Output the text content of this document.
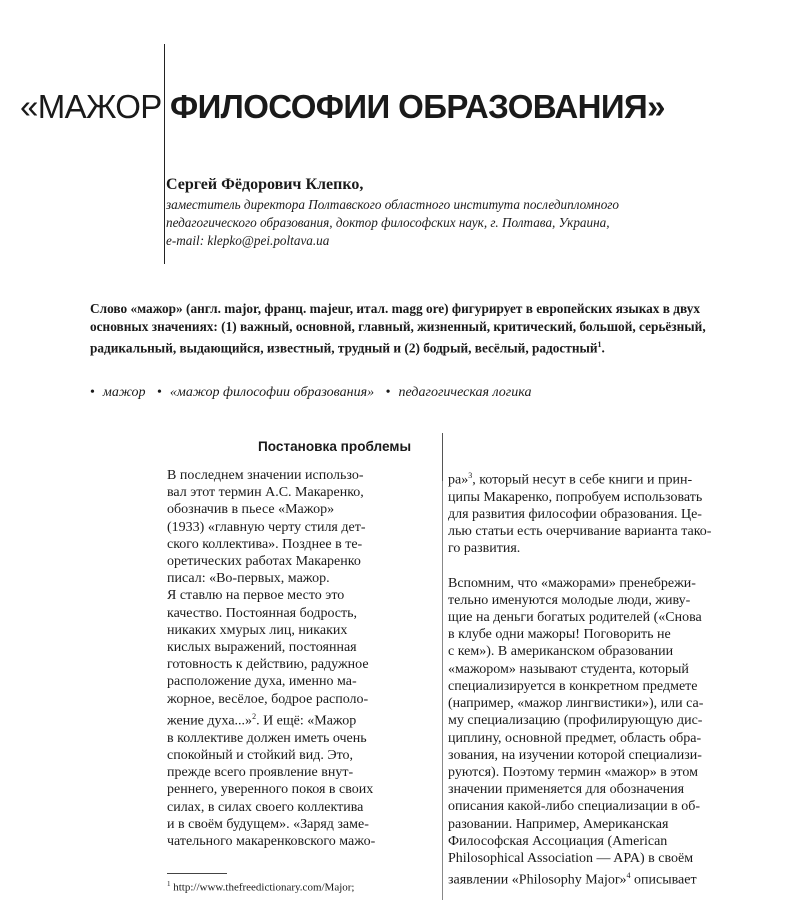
«МАЖОР ФИЛОСОФИИ ОБРАЗОВАНИЯ»
Сергей Фёдорович Клепко,

заместитель директора Полтавского областного института последипломного
педагогического образования, доктор философских наук, г. Полтава, Украина,
e-mail: klepko@pei.poltava.ua

Слово «мажор» (англ. major, франц. majeur, итал. magg ore) фигурирует в европейских языках в двух основных значениях: (1) важный, основной, главный, жизненный, критический, большой, серьёзный, радикальный, выдающийся, известный, трудный и (2) бодрый, весёлый, радостный$^1$.

• мажор • «мажор философии образования» • педагогическая логика
Постановка проблемы

В последнем значении использо-
вал этот термин А.С. Макаренко,
обозначив в пьесе «Мажор»
(1933) «главную черту стиля дет-
ского коллектива». Позднее в те-
оретических работах Макаренко
писал: «Во-первых, мажор.
Я ставлю на первое место это
качество. Постоянная бодрость,
никаких хмурых лиц, никаких
кислых выражений, постоянная
готовность к действию, радужное
расположение духа, именно ма-
жорное, весёлое, бодрое располо-
жение духа...»$^2$. И ещё: «Мажор
в коллективе должен иметь очень
спокойный и стойкий вид. Это,
прежде всего проявление внут-
реннего, уверенного покоя в своих
силах, в силах своего коллектива
и в своём будущем». «Заряд заме-
чательного макаренковского мажо-

ра»$^3$, который несут в себе книги и прин-
ципы Макаренко, попробуем использовать
для развития философии образования. Це-
лью статьи есть очерчивание варианта тако-
го развития.

Вспомним, что «мажорами» пренебрежи-
тельно именуются молодые люди, живу-
щие на деньги богатых родителей («Снова
в клубе одни мажоры! Поговорить не
с кем»). В американском образовании
«мажором» называют студента, который
специализируется в конкретном предмете
(например, «мажор лингвистики»), или са-
му специализацию (профилирующую дис-
циплину, основной предмет, область обра-
зования, на изучении которой специализи-
руются). Поэтому термин «мажор» в этом
значении применяется для обозначения
описания какой-либо специализации в об-
разовании. Например, Американская
Философская Ассоциация (American
Philosophical Association — APA) в своём
заявлении «Philosophy Major»$^4$ описывает

$^1$ http://www.thefreedictionary.com/Major;
